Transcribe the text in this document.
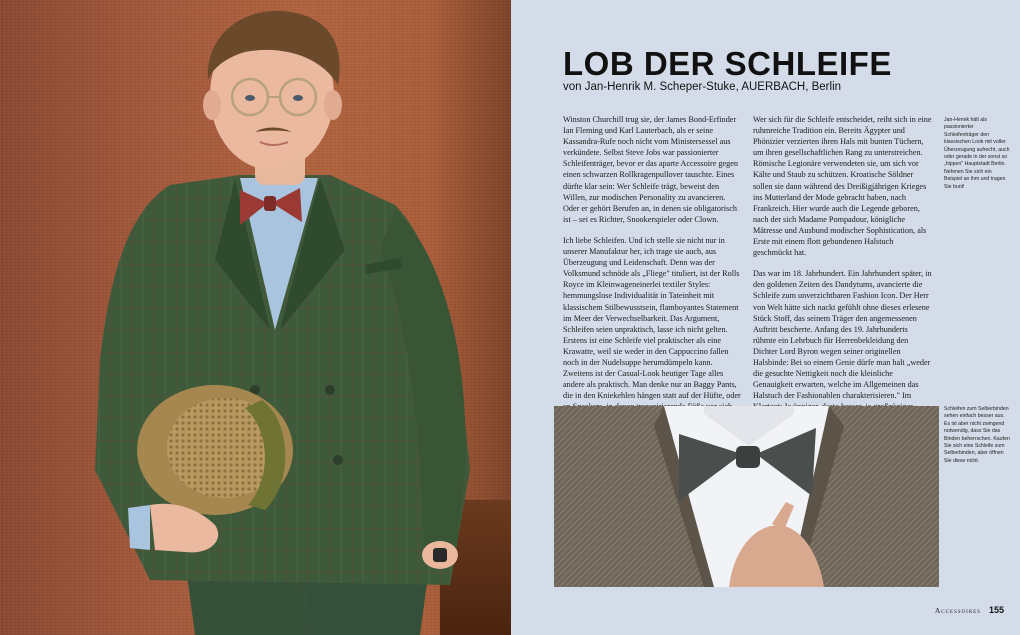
LOB DER SCHLEIFE

von Jan-Henrik M. Scheper-Stuke, AUERBACH, Berlin

Winston Churchill trug sie, der James Bond-Erfinder Ian Fleming und Karl Lauterbach, als er seine Kassandra-Rufe noch nicht vom Ministersessel aus verkündete. Selbst Steve Jobs war passionierter Schleifenträger, bevor er das aparte Accessoire gegen einen schwarzen Rollkragenpullover tauschte. Eines dürfte klar sein: Wer Schleife trägt, beweist den Willen, zur modischen Personality zu avancieren. Oder er gehört Berufen an, in denen sie obligatorisch ist – sei es Richter, Snookerspieler oder Clown.

Ich liebe Schleifen. Und ich stelle sie nicht nur in unserer Manufaktur her, ich trage sie auch, aus Überzeugung und Leidenschaft. Denn was der Volksmund schnöde als „Fliege" tituliert, ist der Rolls Royce im Kleinwageneinerlei textiler Styles: hemmungslose Individualität in Tateinheit mit klassischem Stilbewusstsein, flamboyantes Statement im Meer der Verwechselbarkeit. Das Argument, Schleifen seien unpraktisch, lasse ich nicht gelten. Erstens ist eine Schleife viel praktischer als eine Krawatte, weil sie weder in den Cappuccino fallen noch in der Nudelsuppe herumdümpeln kann. Zweitens ist der Casual-Look heutiger Tage alles andere als praktisch. Man denke nur an Baggy Pants, die in den Kniekehlen hängen statt auf der Hüfte, oder

Wer sich für die Schleife entscheidet, reiht sich in eine ruhmreiche Tradition ein. Bereits Ägypter und Phönizier verzierten ihren Hals mit bunten Tüchern, um ihren gesellschaftlichen Rang zu unterstreichen. Römische Legionäre verwendeten sie, um sich vor Kälte und Staub zu schützen. Kroatische Söldner sollen sie dann während des Dreißigjährigen Krieges ins Mutterland der Mode gebracht haben, nach Frankreich. Hier wurde auch die Legende geboren, nach der sich Madame Pompadour, königliche Mätresse und Ausbund modischer Sophistication, als Erste mit einem flott gebundenen Halstuch geschmückt hat.

Das war im 18. Jahrhundert. Ein Jahrhundert später, in den goldenen Zeiten des Dandytums, avancierte die Schleife zum unverzichtbaren Fashion Icon. Der Herr von Welt hätte sich nackt gefühlt ohne dieses erlesene Stück Stoff, das seinem Träger den angemessenen Auftritt bescherte. Anfang des 19. Jahrhunderts rühmte ein Lehrbuch für Herrenbekleidung den Dichter Lord Byron wegen seiner originellen Halsbinde: Bei so einem Genie dürfe man halt „weder die gesuchte Nettigkeit noch die kleinliche Genauigkeit erwarten, welche im Allgemeinen das Halstuch der Fashionablen charakterisieren." Im

Jan-Henrik hält als passionierter Schleifenträger den klassischen Look mit voller Überzeugung aufrecht, auch oder gerade in der sonst so „hippen" Hauptstadt Berlin. Nehmen Sie sich ein Beispiel an ihm und tragen Sie bunt!
Schleifen zum Selberbinden sehen einfach besser aus. Es ist aber nicht zwingend notwendig, dass Sie das Binden beherrschen. Kaufen Sie sich eine Schleife zum Selberbinden, aber öffnen Sie diese nicht.
Accessoires 155
